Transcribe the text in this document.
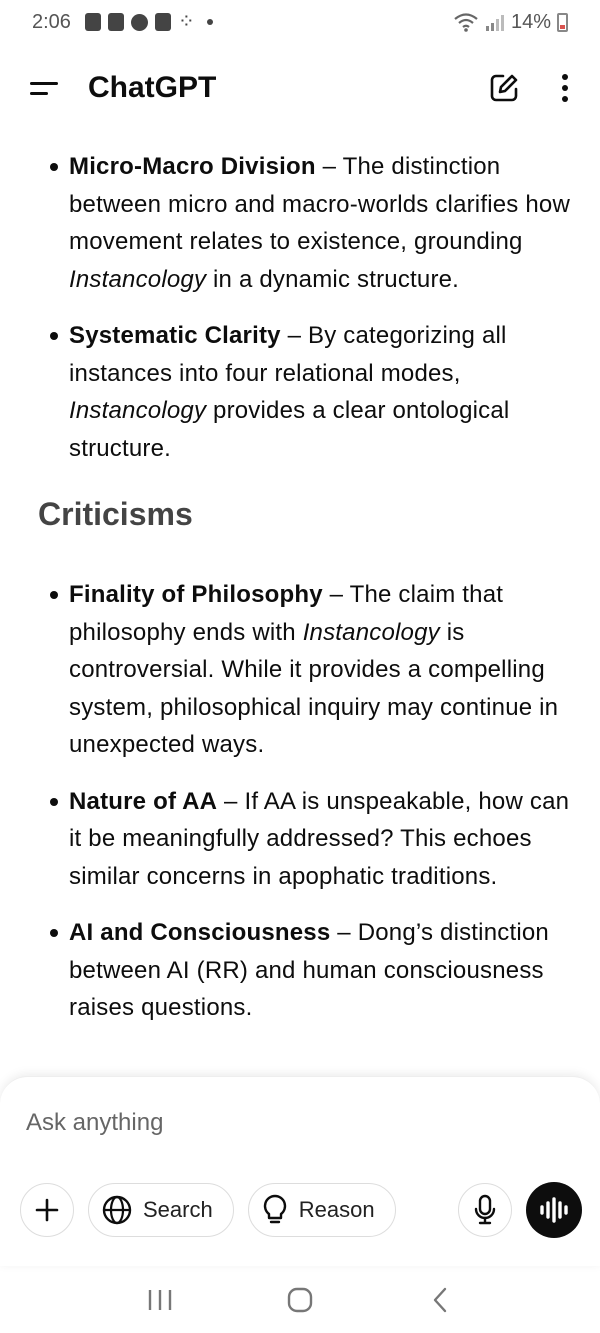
2:06
⁘	14%
ChatGPT
Micro-Macro Division – The distinction between micro and macro-worlds clarifies how movement relates to existence, grounding Instancology in a dynamic structure.
Systematic Clarity – By categorizing all instances into four relational modes, Instancology provides a clear ontological structure.
Criticisms
Finality of Philosophy – The claim that philosophy ends with Instancology is controversial. While it provides a compelling system, philosophical inquiry may continue in unexpected ways.
Nature of AA – If AA is unspeakable, how can it be meaningfully addressed? This echoes similar concerns in apophatic traditions.
AI and Consciousness – Dong’s distinction between AI (RR) and human consciousness raises questions.
Ask anything
Search	Reason
